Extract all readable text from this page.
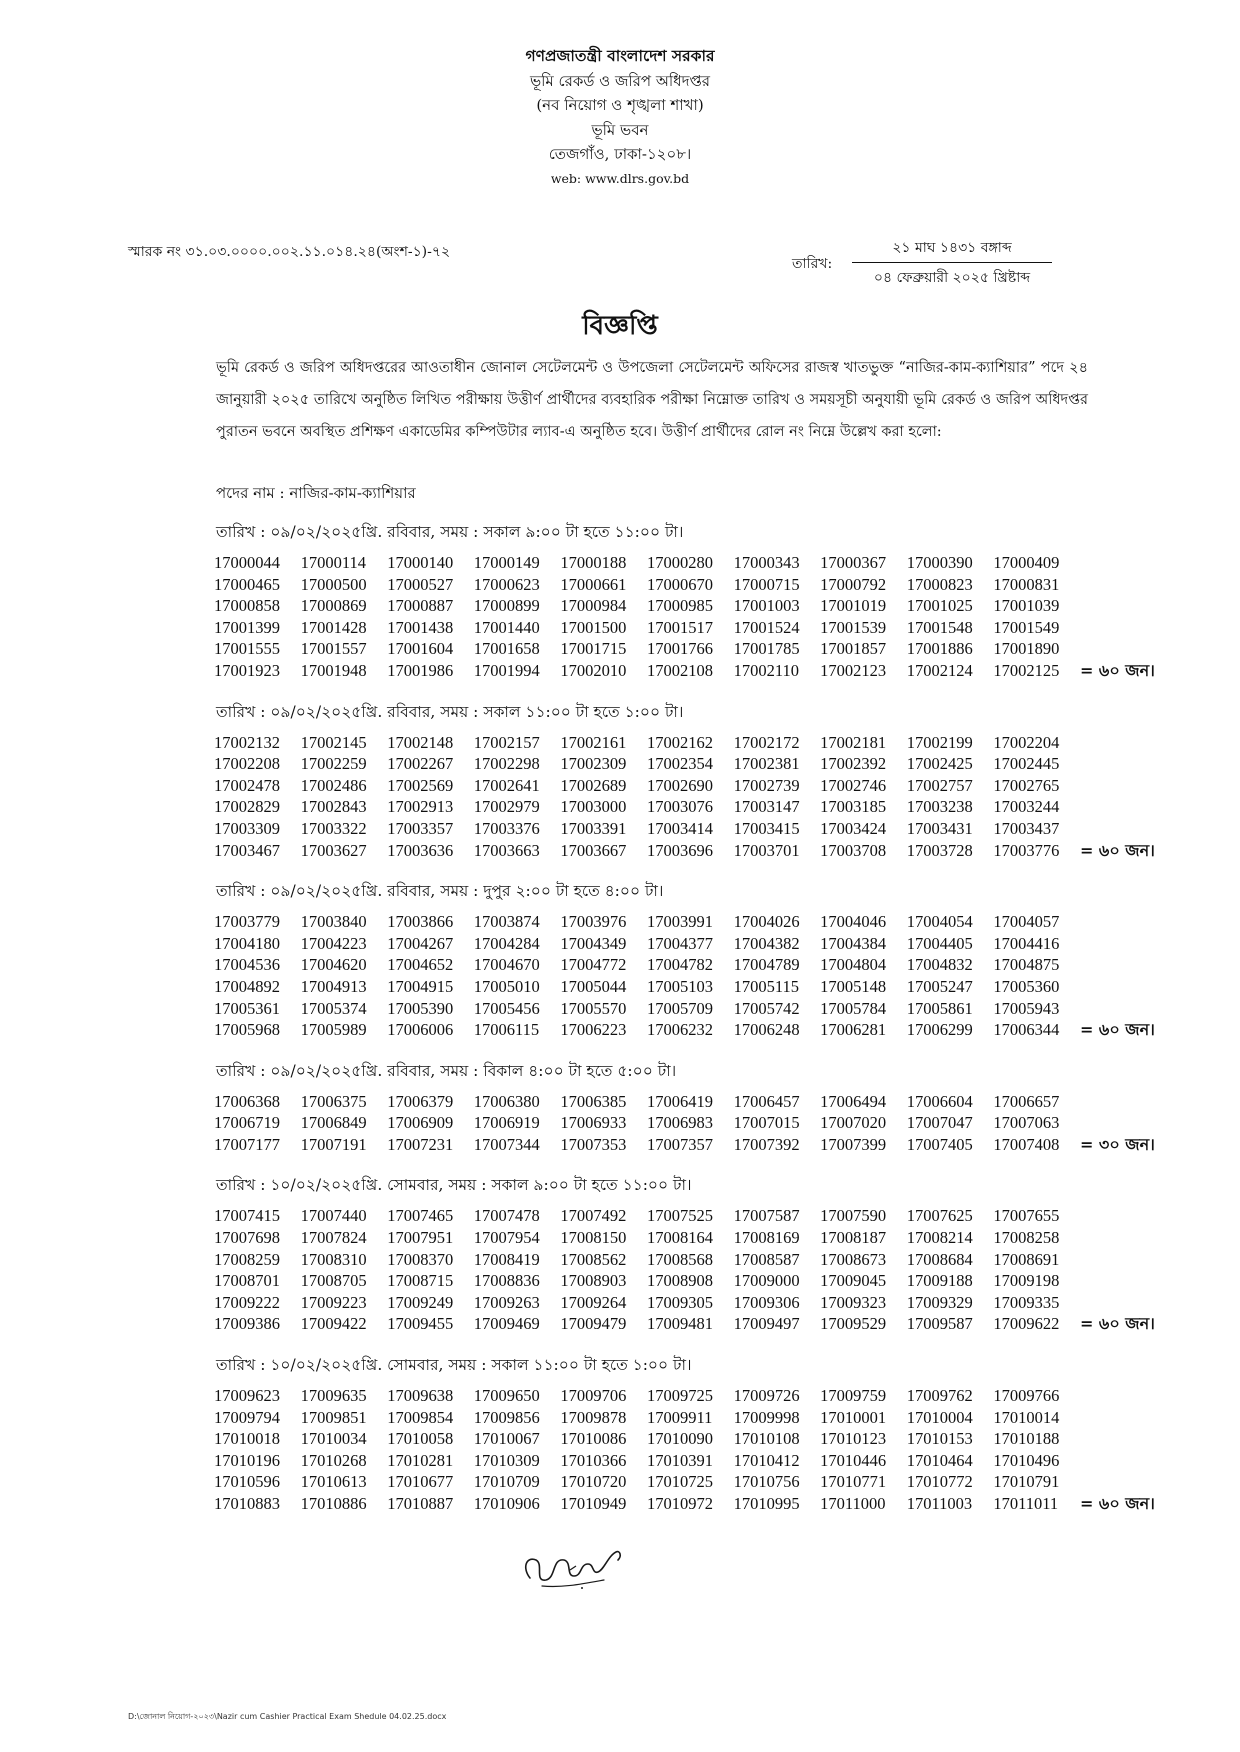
গণপ্রজাতন্ত্রী বাংলাদেশ সরকার
ভূমি রেকর্ড ও জরিপ অধিদপ্তর
(নব নিয়োগ ও শৃঙ্খলা শাখা)
ভূমি ভবন
তেজগাঁও, ঢাকা-১২০৮।
web: www.dlrs.gov.bd
স্মারক নং ৩১.০৩.০০০০.০০২.১১.০১৪.২৪(অংশ-১)-৭২
তারিখ:
২১ মাঘ ১৪৩১ বঙ্গাব্দ
০৪ ফেব্রুয়ারী ২০২৫ খ্রিষ্টাব্দ
বিজ্ঞপ্তি
ভূমি রেকর্ড ও জরিপ অধিদপ্তরের আওতাধীন জোনাল সেটেলমেন্ট ও উপজেলা সেটেলমেন্ট অফিসের রাজস্ব খাতভুক্ত “নাজির-কাম-ক্যাশিয়ার” পদে ২৪ জানুয়ারী ২০২৫ তারিখে অনুষ্ঠিত লিখিত পরীক্ষায় উত্তীর্ণ প্রার্থীদের ব্যবহারিক পরীক্ষা নিম্নোক্ত তারিখ ও সময়সূচী অনুযায়ী ভূমি রেকর্ড ও জরিপ অধিদপ্তর পুরাতন ভবনে অবস্থিত প্রশিক্ষণ একাডেমির কম্পিউটার ল্যাব-এ অনুষ্ঠিত হবে। উত্তীর্ণ প্রার্থীদের রোল নং নিম্নে উল্লেখ করা হলো:
পদের নাম : নাজির-কাম-ক্যাশিয়ার
তারিখ : ০৯/০২/২০২৫খ্রি. রবিবার, সময় : সকাল ৯:০০ টা হতে ১১:০০ টা।
17000044 17000114 17000140 17000149 17000188 17000280 17000343 17000367 17000390 17000409
17000465 17000500 17000527 17000623 17000661 17000670 17000715 17000792 17000823 17000831
17000858 17000869 17000887 17000899 17000984 17000985 17001003 17001019 17001025 17001039
17001399 17001428 17001438 17001440 17001500 17001517 17001524 17001539 17001548 17001549
17001555 17001557 17001604 17001658 17001715 17001766 17001785 17001857 17001886 17001890
17001923 17001948 17001986 17001994 17002010 17002108 17002110 17002123 17002124 17002125 = ৬০ জন।
তারিখ : ০৯/০২/২০২৫খ্রি. রবিবার, সময় : সকাল ১১:০০ টা হতে ১:০০ টা।
17002132 17002145 17002148 17002157 17002161 17002162 17002172 17002181 17002199 17002204
17002208 17002259 17002267 17002298 17002309 17002354 17002381 17002392 17002425 17002445
17002478 17002486 17002569 17002641 17002689 17002690 17002739 17002746 17002757 17002765
17002829 17002843 17002913 17002979 17003000 17003076 17003147 17003185 17003238 17003244
17003309 17003322 17003357 17003376 17003391 17003414 17003415 17003424 17003431 17003437
17003467 17003627 17003636 17003663 17003667 17003696 17003701 17003708 17003728 17003776 = ৬০ জন।
তারিখ : ০৯/০২/২০২৫খ্রি. রবিবার, সময় : দুপুর ২:০০ টা হতে ৪:০০ টা।
17003779 17003840 17003866 17003874 17003976 17003991 17004026 17004046 17004054 17004057
17004180 17004223 17004267 17004284 17004349 17004377 17004382 17004384 17004405 17004416
17004536 17004620 17004652 17004670 17004772 17004782 17004789 17004804 17004832 17004875
17004892 17004913 17004915 17005010 17005044 17005103 17005115 17005148 17005247 17005360
17005361 17005374 17005390 17005456 17005570 17005709 17005742 17005784 17005861 17005943
17005968 17005989 17006006 17006115 17006223 17006232 17006248 17006281 17006299 17006344 = ৬০ জন।
তারিখ : ০৯/০২/২০২৫খ্রি. রবিবার, সময় : বিকাল ৪:০০ টা হতে ৫:০০ টা।
17006368 17006375 17006379 17006380 17006385 17006419 17006457 17006494 17006604 17006657
17006719 17006849 17006909 17006919 17006933 17006983 17007015 17007020 17007047 17007063
17007177 17007191 17007231 17007344 17007353 17007357 17007392 17007399 17007405 17007408 = ৩০ জন।
তারিখ : ১০/০২/২০২৫খ্রি. সোমবার, সময় : সকাল ৯:০০ টা হতে ১১:০০ টা।
17007415 17007440 17007465 17007478 17007492 17007525 17007587 17007590 17007625 17007655
17007698 17007824 17007951 17007954 17008150 17008164 17008169 17008187 17008214 17008258
17008259 17008310 17008370 17008419 17008562 17008568 17008587 17008673 17008684 17008691
17008701 17008705 17008715 17008836 17008903 17008908 17009000 17009045 17009188 17009198
17009222 17009223 17009249 17009263 17009264 17009305 17009306 17009323 17009329 17009335
17009386 17009422 17009455 17009469 17009479 17009481 17009497 17009529 17009587 17009622 = ৬০ জন।
তারিখ : ১০/০২/২০২৫খ্রি. সোমবার, সময় : সকাল ১১:০০ টা হতে ১:০০ টা।
17009623 17009635 17009638 17009650 17009706 17009725 17009726 17009759 17009762 17009766
17009794 17009851 17009854 17009856 17009878 17009911 17009998 17010001 17010004 17010014
17010018 17010034 17010058 17010067 17010086 17010090 17010108 17010123 17010153 17010188
17010196 17010268 17010281 17010309 17010366 17010391 17010412 17010446 17010464 17010496
17010596 17010613 17010677 17010709 17010720 17010725 17010756 17010771 17010772 17010791
17010883 17010886 17010887 17010906 17010949 17010972 17010995 17011000 17011003 17011011 = ৬০ জন।
D:\জোনাল নিয়োগ-২০২৩\Nazir cum Cashier Practical Exam Shedule 04.02.25.docx
